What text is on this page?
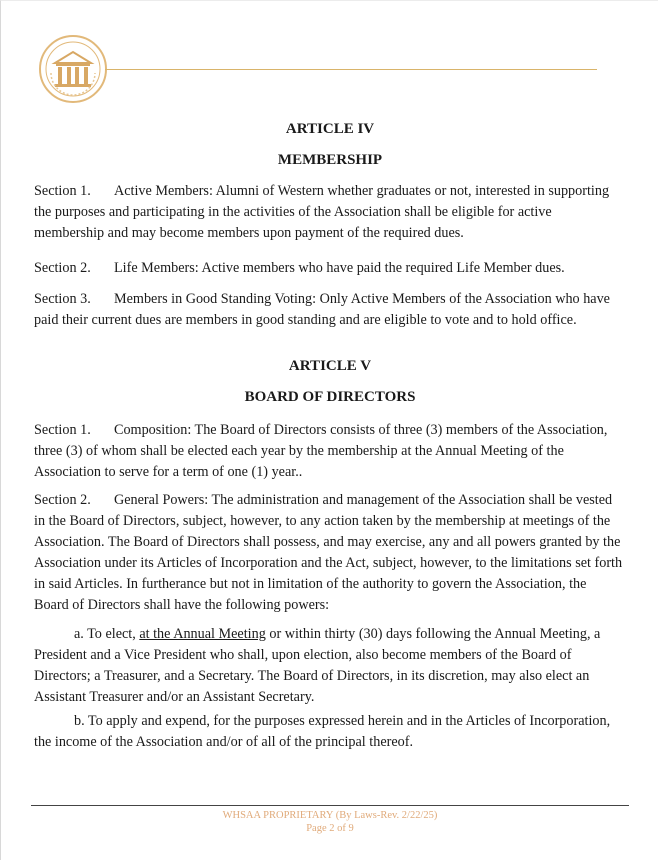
ARTICLE IV
MEMBERSHIP
Section 1. Active Members: Alumni of Western whether graduates or not, interested in supporting the purposes and participating in the activities of the Association shall be eligible for active membership and may become members upon payment of the required dues.
Section 2. Life Members: Active members who have paid the required Life Member dues.
Section 3. Members in Good Standing Voting: Only Active Members of the Association who have paid their current dues are members in good standing and are eligible to vote and to hold office.
ARTICLE V
BOARD OF DIRECTORS
Section 1. Composition: The Board of Directors consists of three (3) members of the Association, three (3) of whom shall be elected each year by the membership at the Annual Meeting of the Association to serve for a term of one (1) year..
Section 2. General Powers: The administration and management of the Association shall be vested in the Board of Directors, subject, however, to any action taken by the membership at meetings of the Association. The Board of Directors shall possess, and may exercise, any and all powers granted by the Association under its Articles of Incorporation and the Act, subject, however, to the limitations set forth in said Articles. In furtherance but not in limitation of the authority to govern the Association, the Board of Directors shall have the following powers:
a. To elect, at the Annual Meeting or within thirty (30) days following the Annual Meeting, a President and a Vice President who shall, upon election, also become members of the Board of Directors; a Treasurer, and a Secretary. The Board of Directors, in its discretion, may also elect an Assistant Treasurer and/or an Assistant Secretary.
b. To apply and expend, for the purposes expressed herein and in the Articles of Incorporation, the income of the Association and/or of all of the principal thereof.
WHSAA PROPRIETARY (By Laws-Rev. 2/22/25)
Page 2 of 9
